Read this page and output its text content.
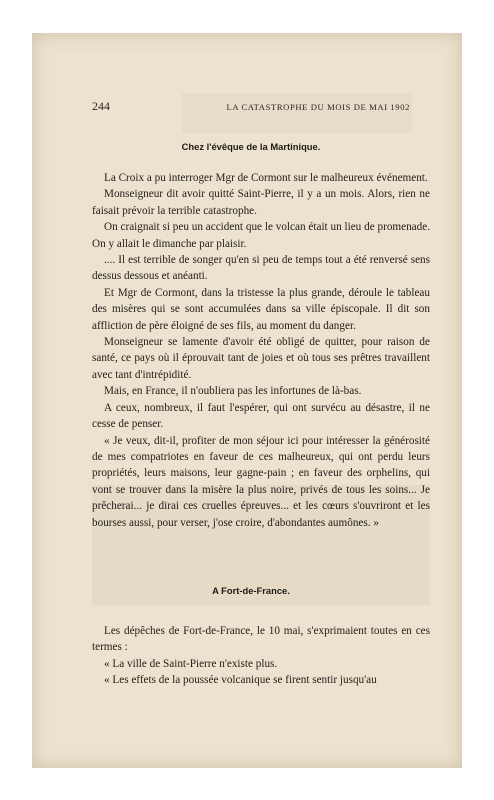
244	LA CATASTROPHE DU MOIS DE MAI 1902
Chez l'évêque de la Martinique.

La Croix a pu interroger Mgr de Cormont sur le malheureux événement.

Monseigneur dit avoir quitté Saint-Pierre, il y a un mois. Alors, rien ne faisait prévoir la terrible catastrophe.

On craignait si peu un accident que le volcan était un lieu de promenade. On y allait le dimanche par plaisir.

.... Il est terrible de songer qu'en si peu de temps tout a été renversé sens dessus dessous et anéanti.

Et Mgr de Cormont, dans la tristesse la plus grande, déroule le tableau des misères qui se sont accumulées dans sa ville épiscopale. Il dit son affliction de père éloigné de ses fils, au moment du danger.

Monseigneur se lamente d'avoir été obligé de quitter, pour raison de santé, ce pays où il éprouvait tant de joies et où tous ses prêtres travaillent avec tant d'intrépidité.

Mais, en France, il n'oubliera pas les infortunes de là-bas.

A ceux, nombreux, il faut l'espérer, qui ont survécu au désastre, il ne cesse de penser.

« Je veux, dit-il, profiter de mon séjour ici pour intéresser la générosité de mes compatriotes en faveur de ces malheureux, qui ont perdu leurs propriétés, leurs maisons, leur gagne-pain ; en faveur des orphelins, qui vont se trouver dans la misère la plus noire, privés de tous les soins... Je prêcherai... je dirai ces cruelles épreuves... et les cœurs s'ouvriront et les bourses aussi, pour verser, j'ose croire, d'abondantes aumônes. »

A Fort-de-France.

Les dépêches de Fort-de-France, le 10 mai, s'exprimaient toutes en ces termes :

« La ville de Saint-Pierre n'existe plus.

« Les effets de la poussée volcanique se firent sentir jusqu'au
